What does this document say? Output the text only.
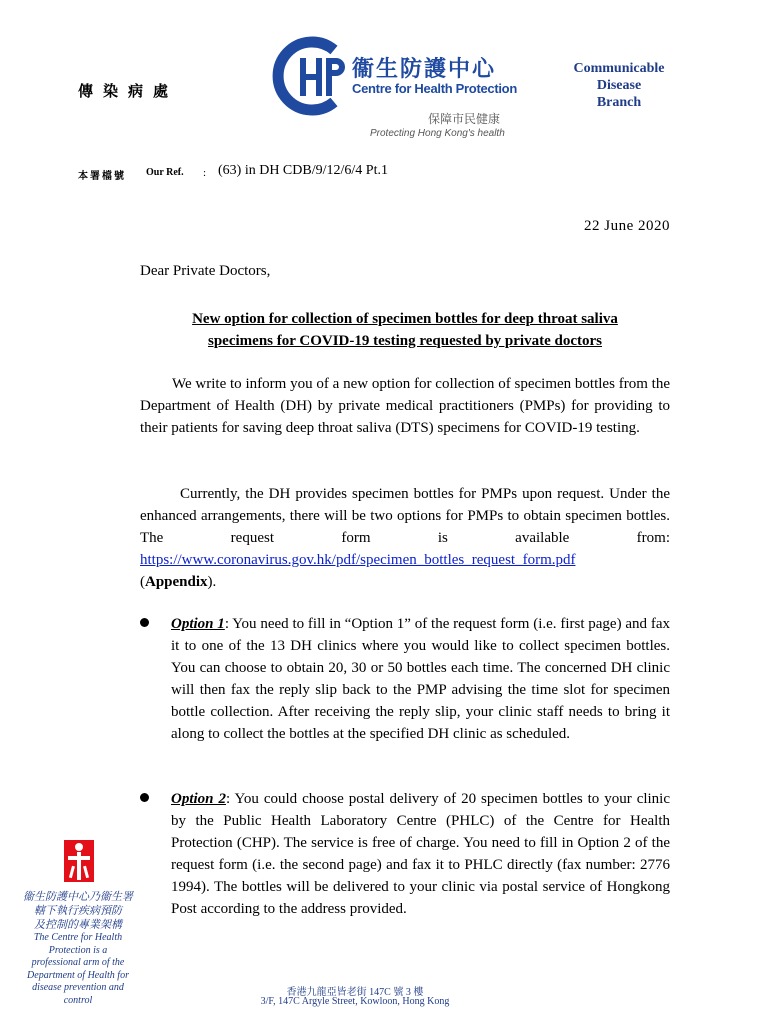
傳染病處
衞生防護中心
Centre for Health Protection
保障市民健康
Protecting Hong Kong's health
Communicable
Disease
Branch
本署檔號 Our Ref. : (63) in DH CDB/9/12/6/4 Pt.1
22 June 2020
Dear Private Doctors,
New option for collection of specimen bottles for deep throat saliva
specimens for COVID-19 testing requested by private doctors
We write to inform you of a new option for collection of specimen bottles from the Department of Health (DH) by private medical practitioners (PMPs) for providing to their patients for saving deep throat saliva (DTS) specimens for COVID-19 testing.
Currently, the DH provides specimen bottles for PMPs upon request. Under the enhanced arrangements, there will be two options for PMPs to obtain specimen bottles. The request form is available from: https://www.coronavirus.gov.hk/pdf/specimen_bottles_request_form.pdf
(Appendix).
Option 1: You need to fill in “Option 1” of the request form (i.e. first page) and fax it to one of the 13 DH clinics where you would like to collect specimen bottles. You can choose to obtain 20, 30 or 50 bottles each time. The concerned DH clinic will then fax the reply slip back to the PMP advising the time slot for specimen bottle collection. After receiving the reply slip, your clinic staff needs to bring it along to collect the bottles at the specified DH clinic as scheduled.
Option 2: You could choose postal delivery of 20 specimen bottles to your clinic by the Public Health Laboratory Centre (PHLC) of the Centre for Health Protection (CHP). The service is free of charge. You need to fill in Option 2 of the request form (i.e. the second page) and fax it to PHLC directly (fax number: 2776 1994). The bottles will be delivered to your clinic via postal service of Hongkong Post according to the address provided.
衞生防護中心乃衞生署
轄下執行疾病預防
及控制的專業架構
The Centre for Health
Protection is a
professional arm of the
Department of Health for
disease prevention and
control
香港九龍亞皆老街 147C 號 3 樓
3/F, 147C Argyle Street, Kowloon, Hong Kong
